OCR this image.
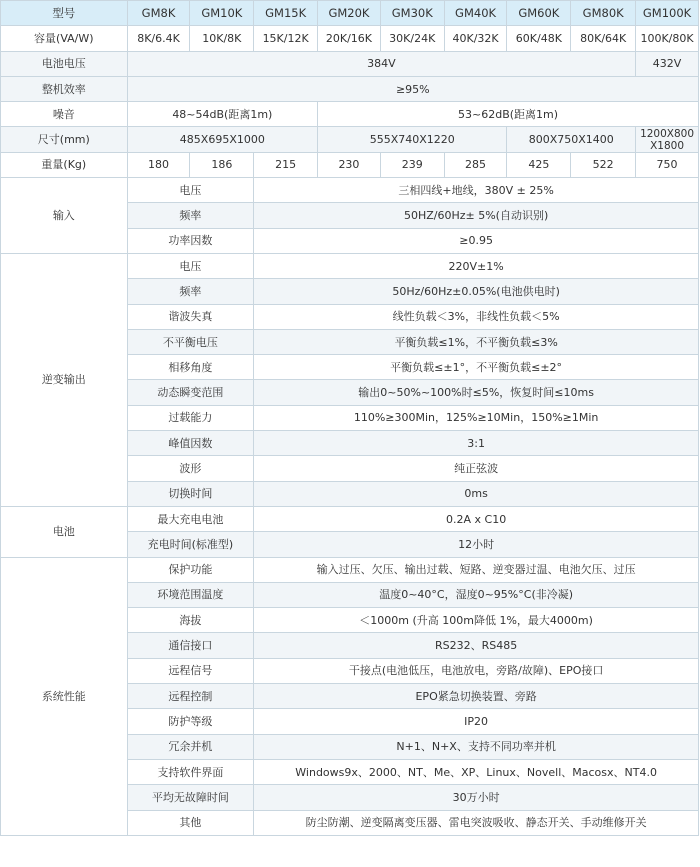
型号	GM8K	GM10K	GM15K	GM20K	GM30K	GM40K	GM60K	GM80K	GM100K
容量(VA/W)	8K/6.4K	10K/8K	15K/12K	20K/16K	30K/24K	40K/32K	60K/48K	80K/64K	100K/80K
电池电压	384V								432V
整机效率	≥95%								
噪音	48~54dB(距离1m)			53~62dB(距离1m)					
尺寸(mm)	485X695X1000			555X740X1220			800X750X1400		1200X800 X1800
重量(Kg)	180	186	215	230	239	285	425	522	750
输入	电压		三相四线+地线，380V ± 25%						
	频率		50HZ/60Hz± 5%(自动识别)						
	功率因数		≥0.95						
逆变输出	电压		220V±1%						
	频率		50Hz/60Hz±0.05%(电池供电时)						
	谐波失真		线性负载＜3%，非线性负载＜5%						
	不平衡电压		平衡负载≤1%，不平衡负载≤3%						
	相移角度		平衡负载≤±1°，不平衡负载≤±2°						
	动态瞬变范围		输出0~50%~100%时≤5%，恢复时间≤10ms						
	过载能力		110%≥300Min，125%≥10Min，150%≥1Min						
	峰值因数		3:1						
	波形		纯正弦波						
	切换时间		0ms						
电池	最大充电电池		0.2A x C10						
	充电时间(标准型)		12小时						
系统性能	保护功能		输入过压、欠压、输出过载、短路、逆变器过温、电池欠压、过压						
	环境范围温度		温度0~40°C，湿度0~95%°C(非冷凝)						
	海拔		＜1000m (升高 100m降低 1%，最大4000m)						
	通信接口		RS232、RS485						
	远程信号		干接点(电池低压，电池放电，旁路/故障)、EPO接口						
	远程控制		EPO紧急切换装置、旁路						
	防护等级		IP20						
	冗余并机		N+1、N+X、支持不同功率并机						
	支持软件界面		Windows9x、2000、NT、Me、XP、Linux、Novell、Macosx、NT4.0						
	平均无故障时间		30万小时						
	其他		防尘防潮、逆变隔离变压器、雷电突波吸收、静态开关、手动维修开关						
